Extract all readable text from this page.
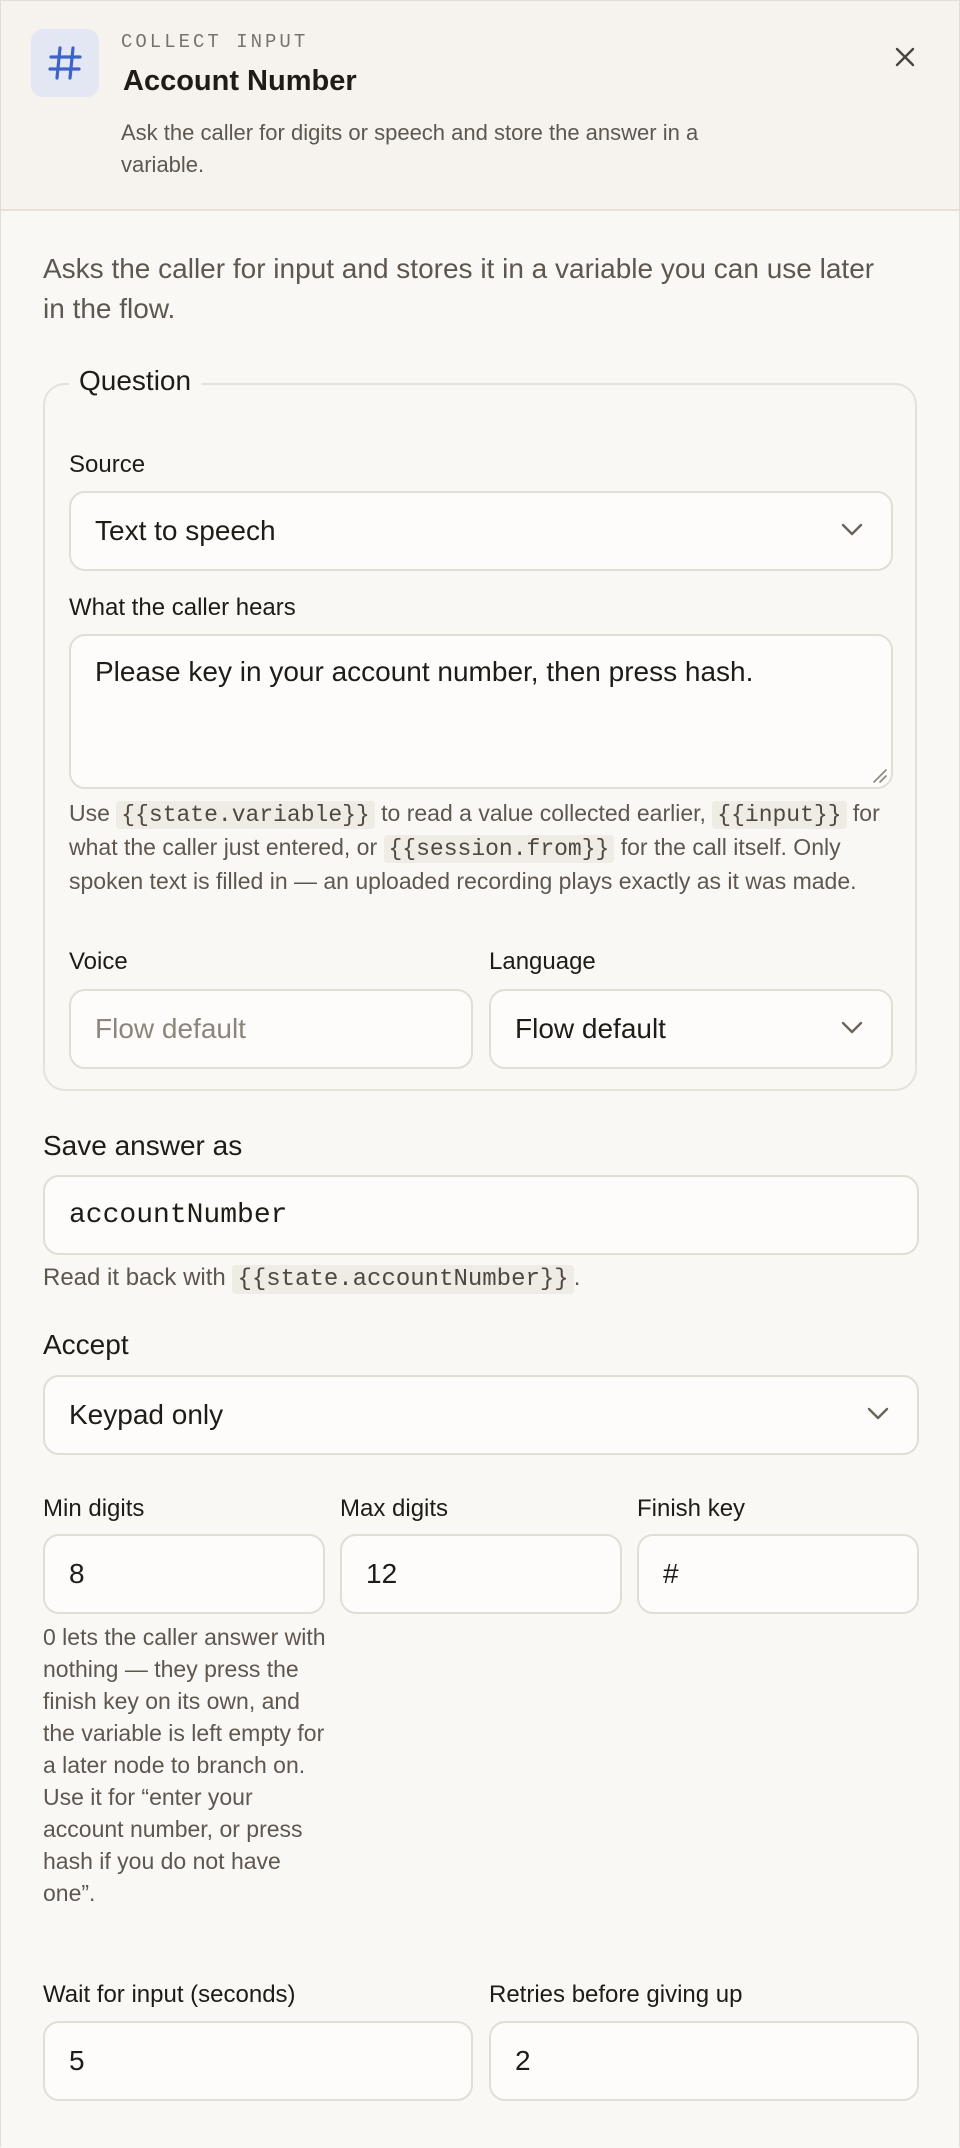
COLLECT INPUT
Account Number
Ask the caller for digits or speech and store the answer in a variable.
Asks the caller for input and stores it in a variable you can use later in the flow.
Question
Source
Text to speech
What the caller hears
Please key in your account number, then press hash.
Use {{state.variable}} to read a value collected earlier, {{input}} for what the caller just entered, or {{session.from}} for the call itself. Only spoken text is filled in — an uploaded recording plays exactly as it was made.
Voice
Flow default
Language
Flow default
Save answer as
accountNumber
Read it back with {{state.accountNumber}} .
Accept
Keypad only
Min digits
8
Max digits
12
Finish key
#
0 lets the caller answer with nothing — they press the finish key on its own, and the variable is left empty for a later node to branch on. Use it for “enter your account number, or press hash if you do not have one”.
Wait for input (seconds)
5
Retries before giving up
2
